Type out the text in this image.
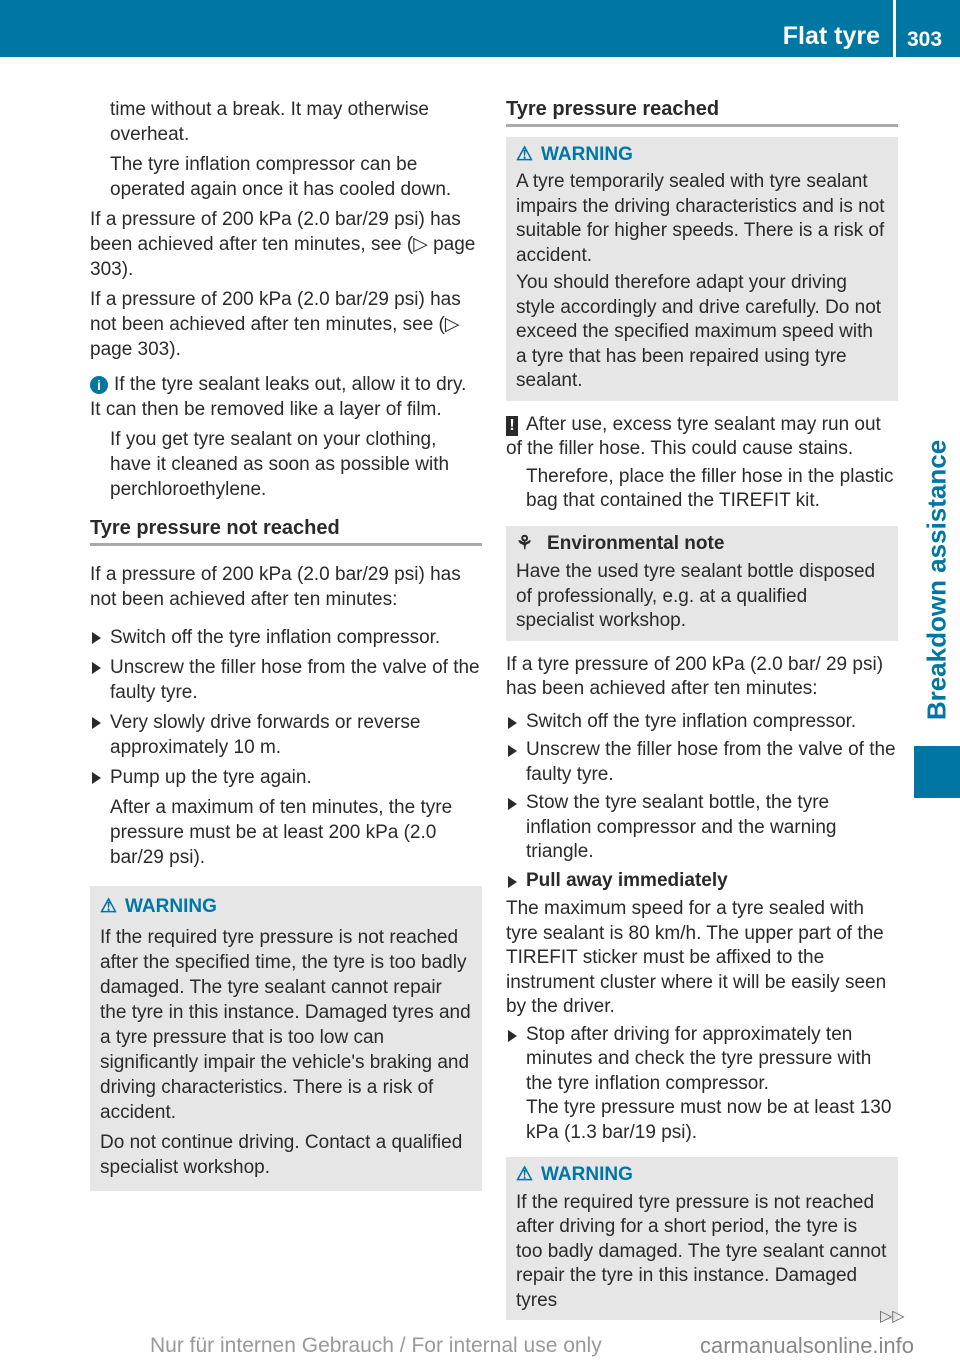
Flat tyre 303
Breakdown assistance

time without a break. It may otherwise overheat.

The tyre inflation compressor can be operated again once it has cooled down.

If a pressure of 200 kPa (2.0 bar/29 psi) has been achieved after ten minutes, see (▷ page 303).

If a pressure of 200 kPa (2.0 bar/29 psi) has not been achieved after ten minutes, see (▷ page 303).

i If the tyre sealant leaks out, allow it to dry. It can then be removed like a layer of film.

If you get tyre sealant on your clothing, have it cleaned as soon as possible with perchloroethylene.

Tyre pressure not reached

If a pressure of 200 kPa (2.0 bar/29 psi) has not been achieved after ten minutes:

Switch off the tyre inflation compressor.
Unscrew the filler hose from the valve of the faulty tyre.
Very slowly drive forwards or reverse approximately 10 m.
Pump up the tyre again.

After a maximum of ten minutes, the tyre pressure must be at least 200 kPa (2.0 bar/29 psi).

⚠ WARNING

If the required tyre pressure is not reached after the specified time, the tyre is too badly damaged. The tyre sealant cannot repair the tyre in this instance. Damaged tyres and a tyre pressure that is too low can significantly impair the vehicle's braking and driving characteristics. There is a risk of accident.

Do not continue driving. Contact a qualified specialist workshop.

Tyre pressure reached
⚠ WARNING

A tyre temporarily sealed with tyre sealant impairs the driving characteristics and is not suitable for higher speeds. There is a risk of accident.

You should therefore adapt your driving style accordingly and drive carefully. Do not exceed the specified maximum speed with a tyre that has been repaired using tyre sealant.

! After use, excess tyre sealant may run out of the filler hose. This could cause stains.

Therefore, place the filler hose in the plastic bag that contained the TIREFIT kit.

⚘ Environmental note

Have the used tyre sealant bottle disposed of professionally, e.g. at a qualified specialist workshop.

If a tyre pressure of 200 kPa (2.0 bar/ 29 psi) has been achieved after ten minutes:

Switch off the tyre inflation compressor.
Unscrew the filler hose from the valve of the faulty tyre.
Stow the tyre sealant bottle, the tyre inflation compressor and the warning triangle.
Pull away immediately

The maximum speed for a tyre sealed with tyre sealant is 80 km/h. The upper part of the TIREFIT sticker must be affixed to the instrument cluster where it will be easily seen by the driver.

Stop after driving for approximately ten minutes and check the tyre pressure with the tyre inflation compressor.

The tyre pressure must now be at least 130 kPa (1.3 bar/19 psi).

⚠ WARNING

If the required tyre pressure is not reached after driving for a short period, the tyre is too badly damaged. The tyre sealant cannot repair the tyre in this instance. Damaged tyres

Nur für internen Gebrauch / For internal use only	carmanualsonline.info
▷▷
